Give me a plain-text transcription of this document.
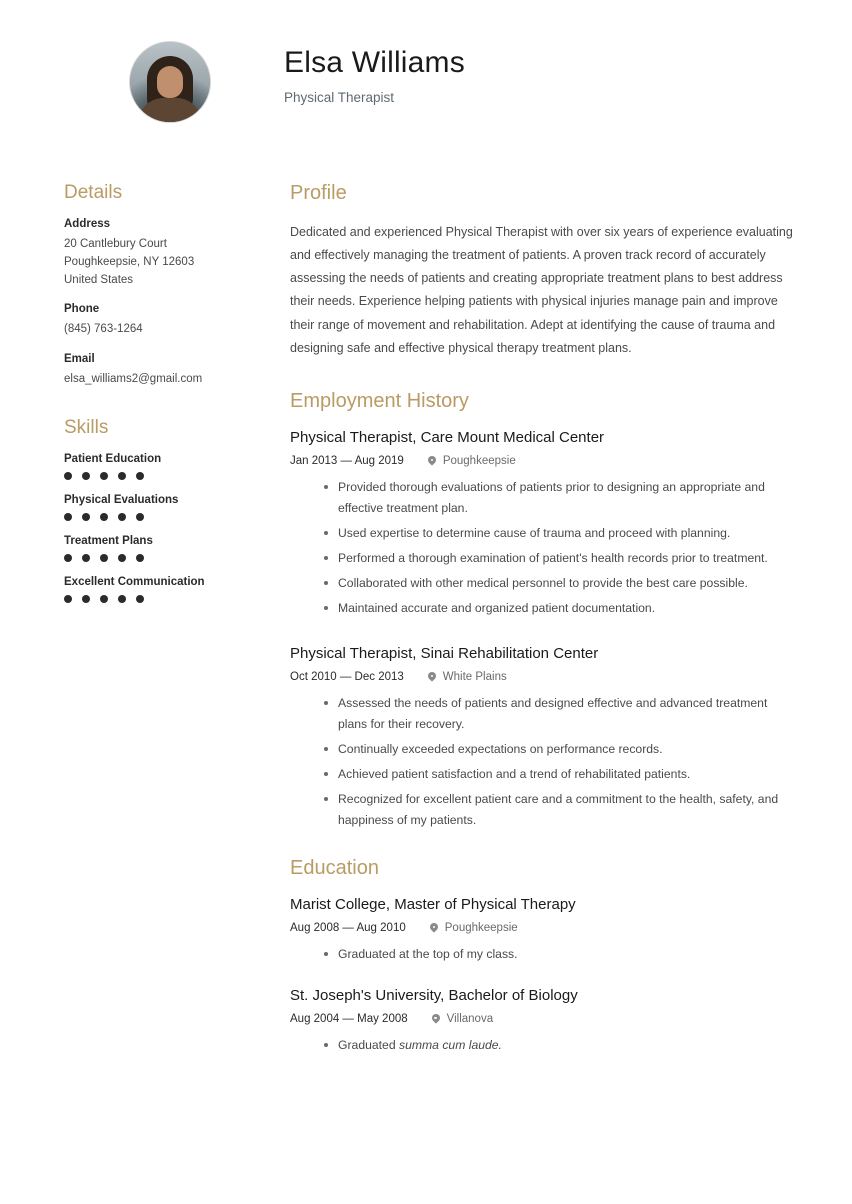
Elsa Williams
Physical Therapist
Details
Address
20 Cantlebury Court
Poughkeepsie, NY 12603
United States
Phone
(845) 763-1264
Email
elsa_williams2@gmail.com
Skills
Patient Education
Physical Evaluations
Treatment Plans
Excellent Communication
Profile
Dedicated and experienced Physical Therapist with over six years of experience evaluating and effectively managing the treatment of patients. A proven track record of accurately assessing the needs of patients and creating appropriate treatment plans to best address their needs. Experience helping patients with physical injuries manage pain and improve their range of movement and rehabilitation. Adept at identifying the cause of trauma and designing safe and effective physical therapy treatment plans.
Employment History
Physical Therapist, Care Mount Medical Center
Jan 2013 — Aug 2019	Poughkeepsie
Provided thorough evaluations of patients prior to designing an appropriate and effective treatment plan.
Used expertise to determine cause of trauma and proceed with planning.
Performed a thorough examination of patient's health records prior to treatment.
Collaborated with other medical personnel to provide the best care possible.
Maintained accurate and organized patient documentation.
Physical Therapist, Sinai Rehabilitation Center
Oct 2010 — Dec 2013	White Plains
Assessed the needs of patients and designed effective and advanced treatment plans for their recovery.
Continually exceeded expectations on performance records.
Achieved patient satisfaction and a trend of rehabilitated patients.
Recognized for excellent patient care and a commitment to the health, safety, and happiness of my patients.
Education
Marist College, Master of Physical Therapy
Aug 2008 — Aug 2010	Poughkeepsie
Graduated at the top of my class.
St. Joseph's University, Bachelor of Biology
Aug 2004 — May 2008	Villanova
Graduated summa cum laude.
